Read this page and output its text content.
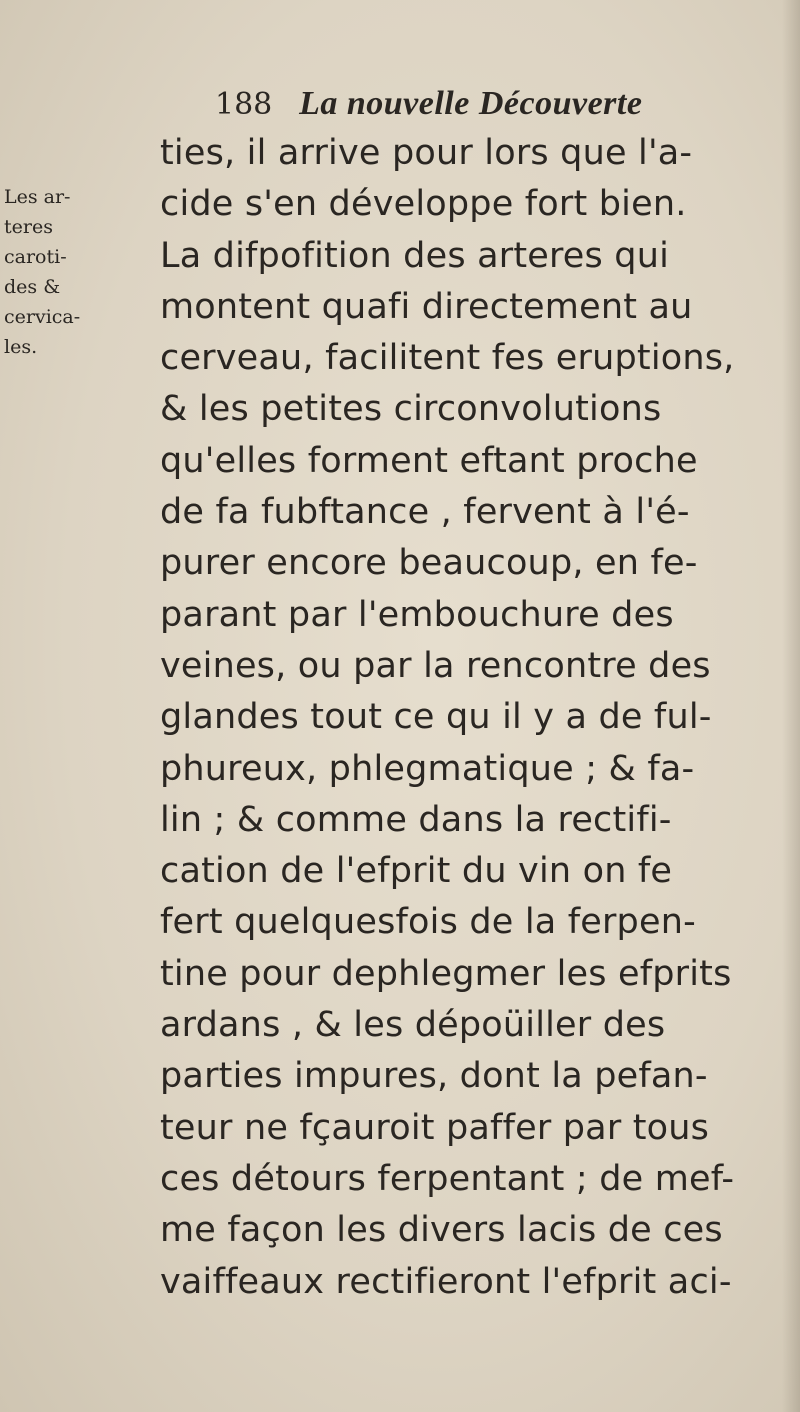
188 La nouvelle Découverte
Les ar-
teres
caroti-
des &
cervica-
les.
ties, il arrive pour lors que l'a-
cide s'en développe fort bien.
La difpofition des arteres qui
montent quafi directement au
cerveau, facilitent fes eruptions,
& les petites circonvolutions
qu'elles forment eftant proche
de fa fubftance , fervent à l'é-
purer encore beaucoup, en fe-
parant par l'embouchure des
veines, ou par la rencontre des
glandes tout ce qu il y a de ful-
phureux, phlegmatique ; & fa-
lin ; & comme dans la rectifi-
cation de l'efprit du vin on fe
fert quelquesfois de la ferpen-
tine pour dephlegmer les efprits
ardans , & les dépoüiller des
parties impures, dont la pefan-
teur ne fçauroit paffer par tous
ces détours ferpentant ; de mef-
me façon les divers lacis de ces
vaiffeaux rectifieront l'efprit aci-
